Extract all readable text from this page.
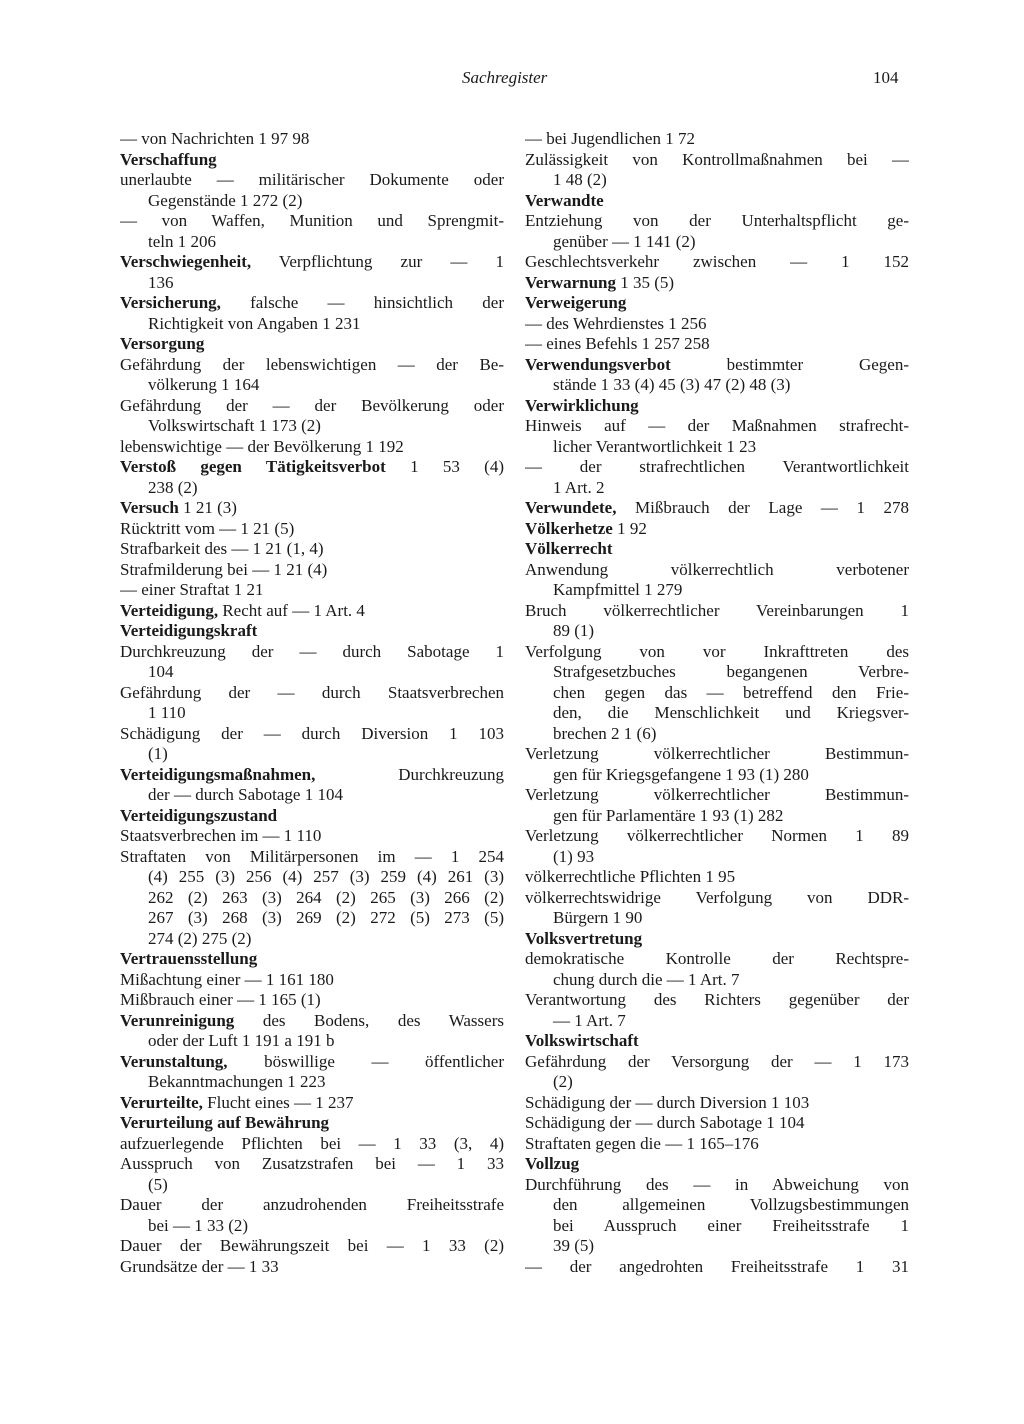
Sachregister	104
— von Nachrichten 1 97 98
Verschaffung
unerlaubte — militärischer Dokumente oder
Gegenstände 1 272 (2)
— von Waffen, Munition und Sprengmit-
teln 1 206
Verschwiegenheit, Verpflichtung zur — 1
136
Versicherung, falsche — hinsichtlich der
Richtigkeit von Angaben 1 231
Versorgung
Gefährdung der lebenswichtigen — der Be-
völkerung 1 164
Gefährdung der — der Bevölkerung oder
Volkswirtschaft 1 173 (2)
lebenswichtige — der Bevölkerung 1 192
Verstoß gegen Tätigkeitsverbot 1 53 (4)
238 (2)
Versuch 1 21 (3)
Rücktritt vom — 1 21 (5)
Strafbarkeit des — 1 21 (1, 4)
Strafmilderung bei — 1 21 (4)
— einer Straftat 1 21
Verteidigung, Recht auf — 1 Art. 4
Verteidigungskraft
Durchkreuzung der — durch Sabotage 1
104
Gefährdung der — durch Staatsverbrechen
1 110
Schädigung der — durch Diversion 1 103
(1)
Verteidigungsmaßnahmen, Durchkreuzung
der — durch Sabotage 1 104
Verteidigungszustand
Staatsverbrechen im — 1 110
Straftaten von Militärpersonen im — 1 254
(4) 255 (3) 256 (4) 257 (3) 259 (4) 261 (3)
262 (2) 263 (3) 264 (2) 265 (3) 266 (2)
267 (3) 268 (3) 269 (2) 272 (5) 273 (5)
274 (2) 275 (2)
Vertrauensstellung
Mißachtung einer — 1 161 180
Mißbrauch einer — 1 165 (1)
Verunreinigung des Bodens, des Wassers
oder der Luft 1 191 a 191 b
Verunstaltung, böswillige — öffentlicher
Bekanntmachungen 1 223
Verurteilte, Flucht eines — 1 237
Verurteilung auf Bewährung
aufzuerlegende Pflichten bei — 1 33 (3, 4)
Ausspruch von Zusatzstrafen bei — 1 33
(5)
Dauer der anzudrohenden Freiheitsstrafe
bei — 1 33 (2)
Dauer der Bewährungszeit bei — 1 33 (2)
Grundsätze der — 1 33
— bei Jugendlichen 1 72
Zulässigkeit von Kontrollmaßnahmen bei —
1 48 (2)
Verwandte
Entziehung von der Unterhaltspflicht ge-
genüber — 1 141 (2)
Geschlechtsverkehr zwischen — 1 152
Verwarnung 1 35 (5)
Verweigerung
— des Wehrdienstes 1 256
— eines Befehls 1 257 258
Verwendungsverbot bestimmter Gegen-
stände 1 33 (4) 45 (3) 47 (2) 48 (3)
Verwirklichung
Hinweis auf — der Maßnahmen strafrecht-
licher Verantwortlichkeit 1 23
— der strafrechtlichen Verantwortlichkeit
1 Art. 2
Verwundete, Mißbrauch der Lage — 1 278
Völkerhetze 1 92
Völkerrecht
Anwendung völkerrechtlich verbotener
Kampfmittel 1 279
Bruch völkerrechtlicher Vereinbarungen 1
89 (1)
Verfolgung von vor Inkrafttreten des
Strafgesetzbuches begangenen Verbre-
chen gegen das — betreffend den Frie-
den, die Menschlichkeit und Kriegsver-
brechen 2 1 (6)
Verletzung völkerrechtlicher Bestimmun-
gen für Kriegsgefangene 1 93 (1) 280
Verletzung völkerrechtlicher Bestimmun-
gen für Parlamentäre 1 93 (1) 282
Verletzung völkerrechtlicher Normen 1 89
(1) 93
völkerrechtliche Pflichten 1 95
völkerrechtswidrige Verfolgung von DDR-
Bürgern 1 90
Volksvertretung
demokratische Kontrolle der Rechtspre-
chung durch die — 1 Art. 7
Verantwortung des Richters gegenüber der
— 1 Art. 7
Volkswirtschaft
Gefährdung der Versorgung der — 1 173
(2)
Schädigung der — durch Diversion 1 103
Schädigung der — durch Sabotage 1 104
Straftaten gegen die — 1 165–176
Vollzug
Durchführung des — in Abweichung von
den allgemeinen Vollzugsbestimmungen
bei Ausspruch einer Freiheitsstrafe 1
39 (5)
— der angedrohten Freiheitsstrafe 1 31
